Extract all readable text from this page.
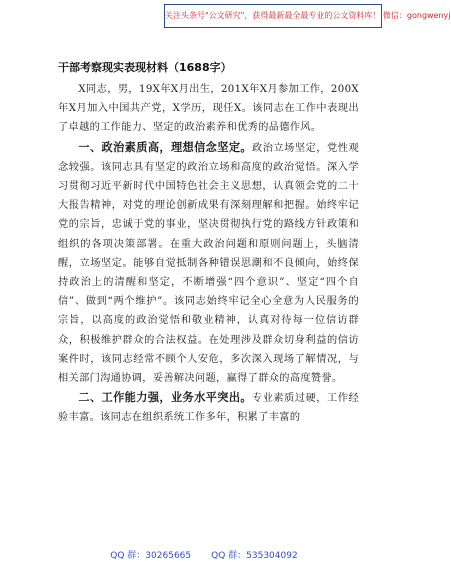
关注头条号"公文研究"，获得最新最全最专业的公文资料库！ 微信：gongwenyj
干部考察现实表现材料（1688字）

X同志，男，19X年X月出生，201X年X月参加工作，200X年X月加入中国共产党，X学历，现任X。该同志在工作中表现出了卓越的工作能力、坚定的政治素养和优秀的品德作风。

一、政治素质高，理想信念坚定。政治立场坚定，党性观念较强。该同志具有坚定的政治立场和高度的政治觉悟。深入学习贯彻习近平新时代中国特色社会主义思想，认真领会党的二十大报告精神，对党的理论创新成果有深刻理解和把握。始终牢记党的宗旨，忠诚于党的事业，坚决贯彻执行党的路线方针政策和组织的各项决策部署。在重大政治问题和原则问题上，头脑清醒，立场坚定。能够自觉抵制各种错误思潮和不良倾向，始终保持政治上的清醒和坚定，不断增强“四个意识”、坚定“四个自信”、做到“两个维护”。该同志始终牢记全心全意为人民服务的宗旨，以高度的政治觉悟和敬业精神，认真对待每一位信访群众，积极维护群众的合法权益。在处理涉及群众切身利益的信访案件时，该同志经常不顾个人安危，多次深入现场了解情况，与相关部门沟通协调，妥善解决问题，赢得了群众的高度赞誉。

二、工作能力强，业务水平突出。专业素质过硬，工作经验丰富。该同志在组织系统工作多年，积累了丰富的

QQ 群：30265665 QQ 群：535304092
